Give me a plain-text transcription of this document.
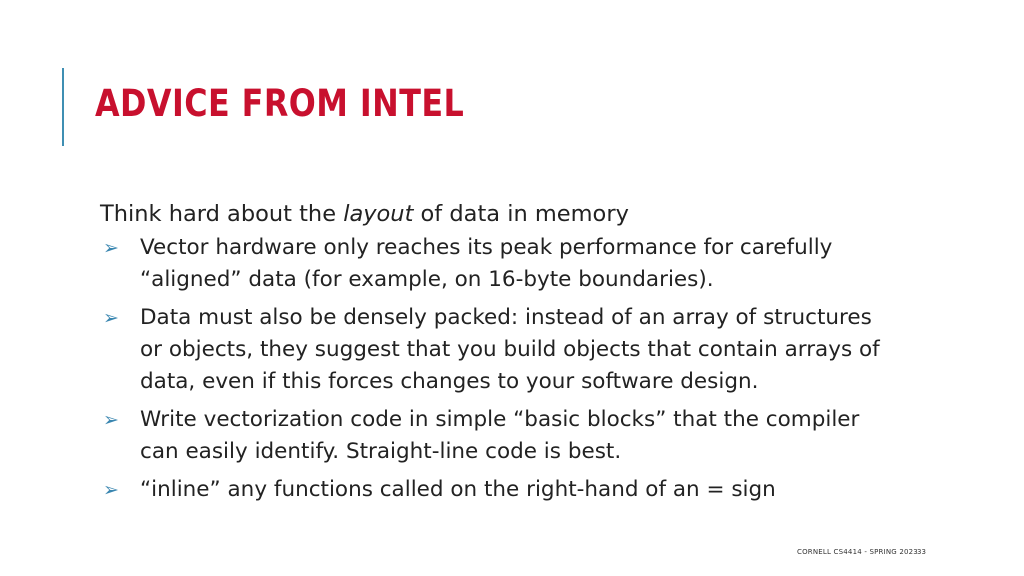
ADVICE FROM INTEL
Think hard about the layout of data in memory
➢ Vector hardware only reaches its peak performance for carefully
“aligned” data (for example, on 16-byte boundaries).
➢ Data must also be densely packed: instead of an array of structures
or objects, they suggest that you build objects that contain arrays of
data, even if this forces changes to your software design.
➢ Write vectorization code in simple “basic blocks” that the compiler
can easily identify. Straight-line code is best.
➢ “inline” any functions called on the right-hand of an = sign
CORNELL CS4414 - SPRING 2023 33
